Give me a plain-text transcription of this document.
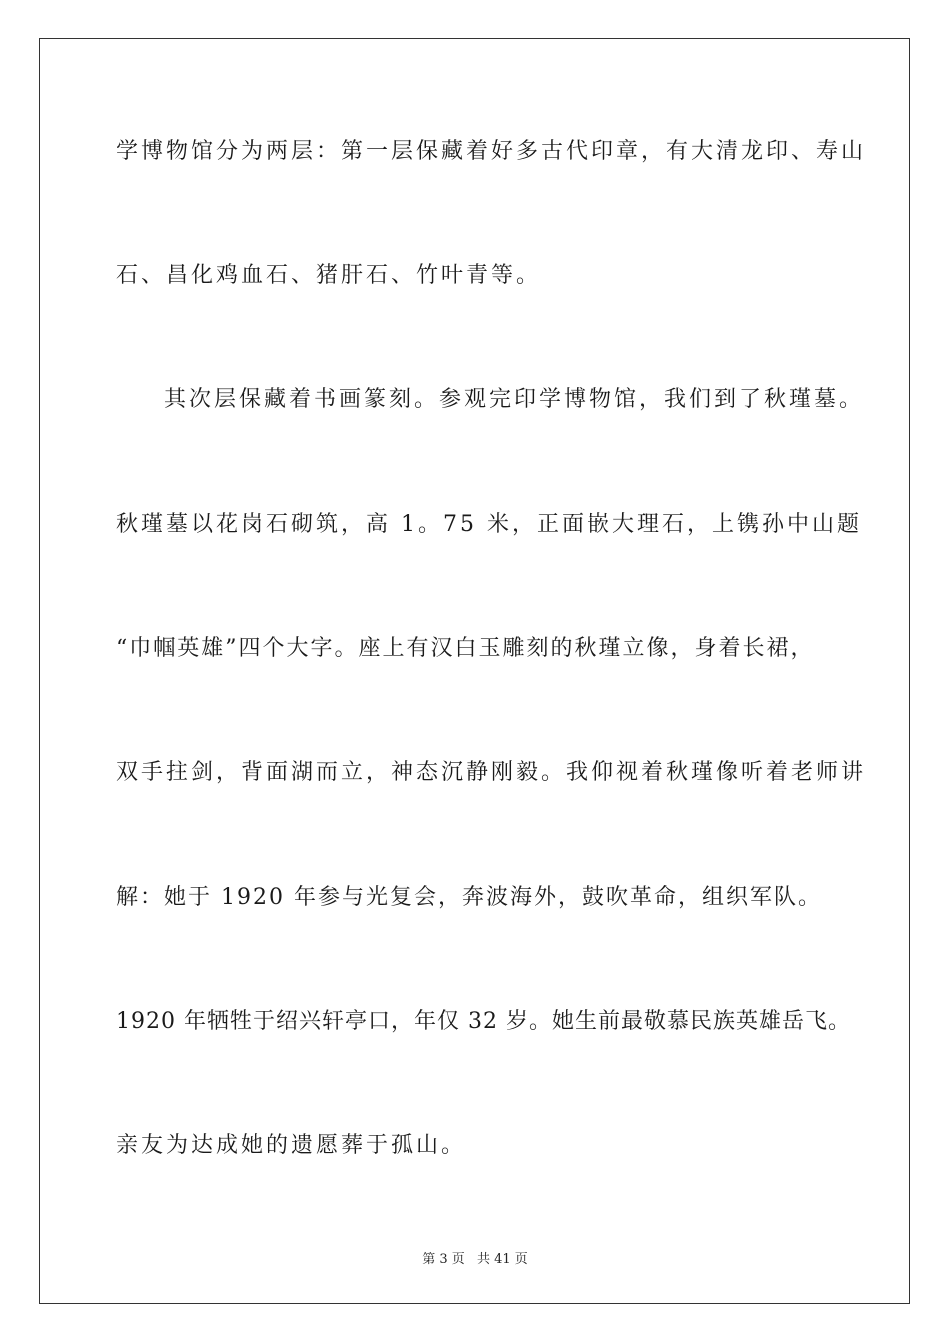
学博物馆分为两层：第一层保藏着好多古代印章，有大清龙印、寿山
石、昌化鸡血石、猪肝石、竹叶青等。
其次层保藏着书画篆刻。参观完印学博物馆，我们到了秋瑾墓。
秋瑾墓以花岗石砌筑，高 1。75 米，正面嵌大理石，上镌孙中山题
“巾帼英雄”四个大字。座上有汉白玉雕刻的秋瑾立像，身着长裙，
双手拄剑，背面湖而立，神态沉静刚毅。我仰视着秋瑾像听着老师讲
解：她于 1920 年参与光复会，奔波海外，鼓吹革命，组织军队。
1920 年牺牲于绍兴轩亭口，年仅 32 岁。她生前最敬慕民族英雄岳飞。
亲友为达成她的遗愿葬于孤山。
第 3 页 共 41 页
